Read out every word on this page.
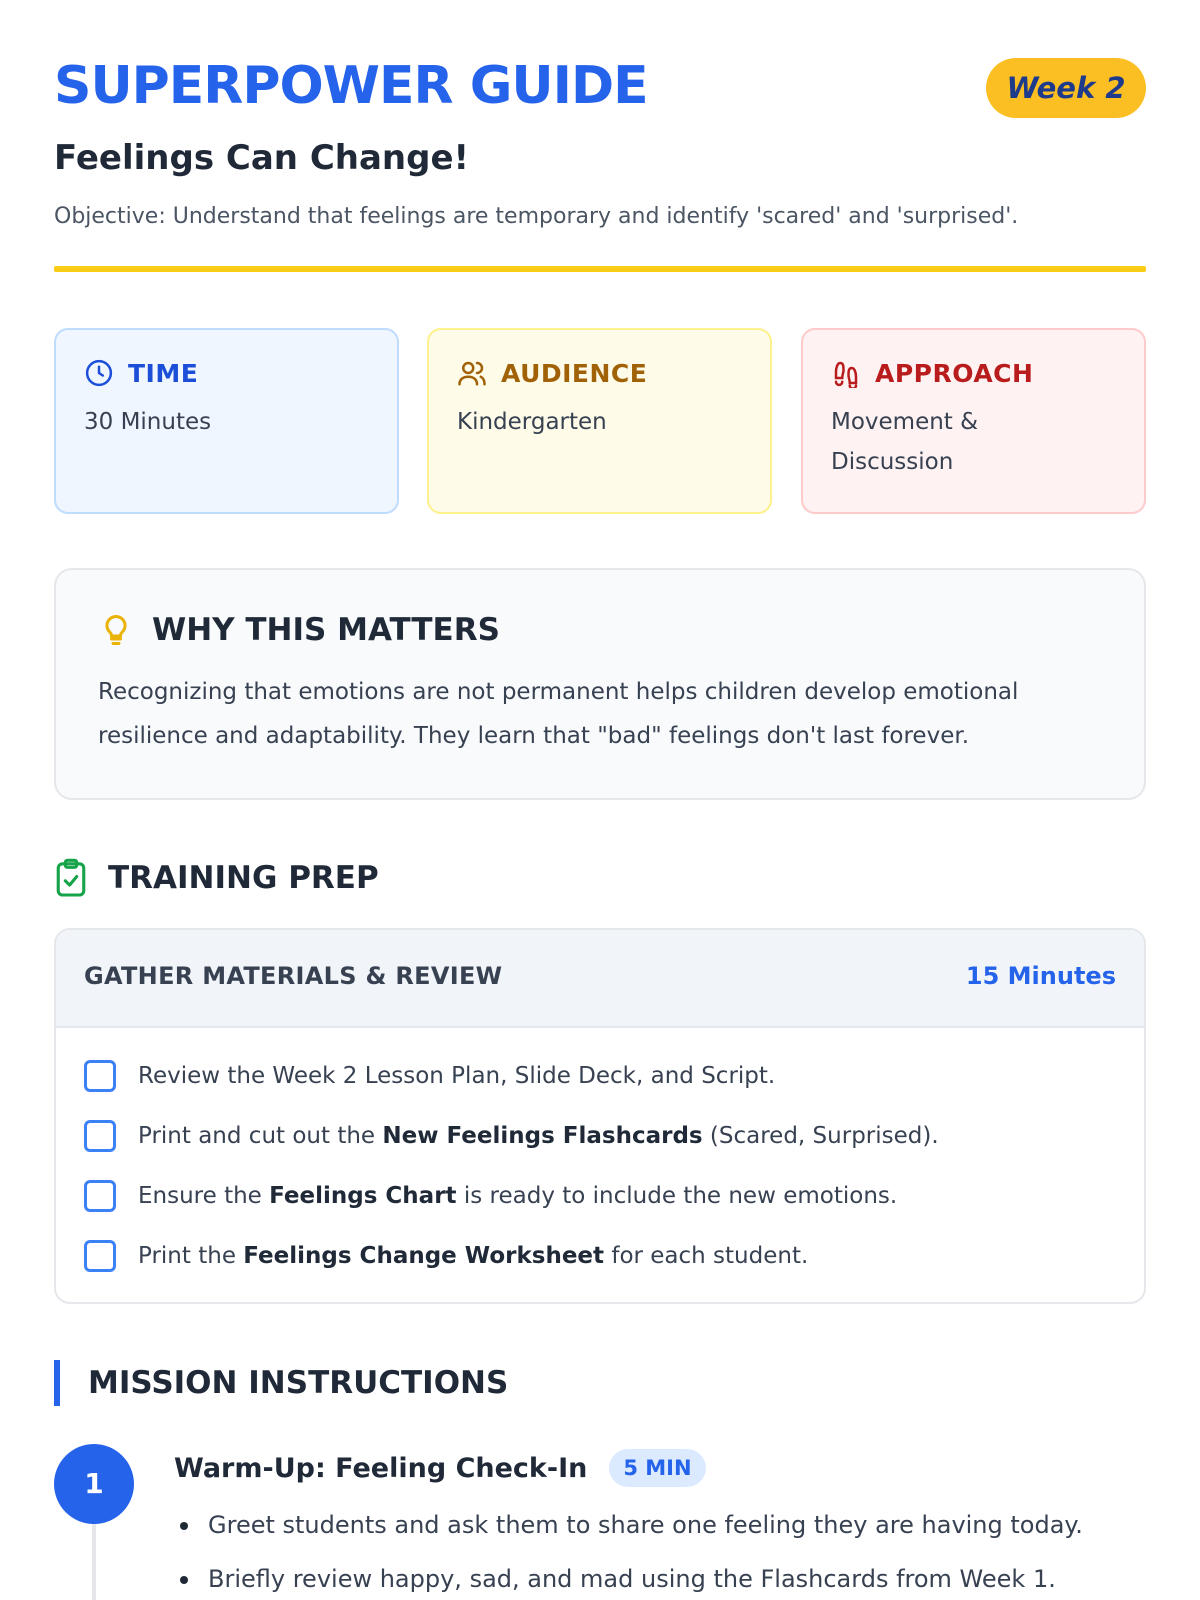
SUPERPOWER GUIDE	Week 2
Feelings Can Change!
Objective: Understand that feelings are temporary and identify 'scared' and 'surprised'.
TIME
30 Minutes
AUDIENCE
Kindergarten
APPROACH
Movement & Discussion
WHY THIS MATTERS
Recognizing that emotions are not permanent helps children develop emotional resilience and adaptability. They learn that "bad" feelings don't last forever.
TRAINING PREP
GATHER MATERIALS & REVIEW	15 Minutes
Review the Week 2 Lesson Plan, Slide Deck, and Script.
Print and cut out the New Feelings Flashcards (Scared, Surprised).
Ensure the Feelings Chart is ready to include the new emotions.
Print the Feelings Change Worksheet for each student.
MISSION INSTRUCTIONS
1	Warm-Up: Feeling Check-In	5 MIN
Greet students and ask them to share one feeling they are having today.
Briefly review happy, sad, and mad using the Flashcards from Week 1.
